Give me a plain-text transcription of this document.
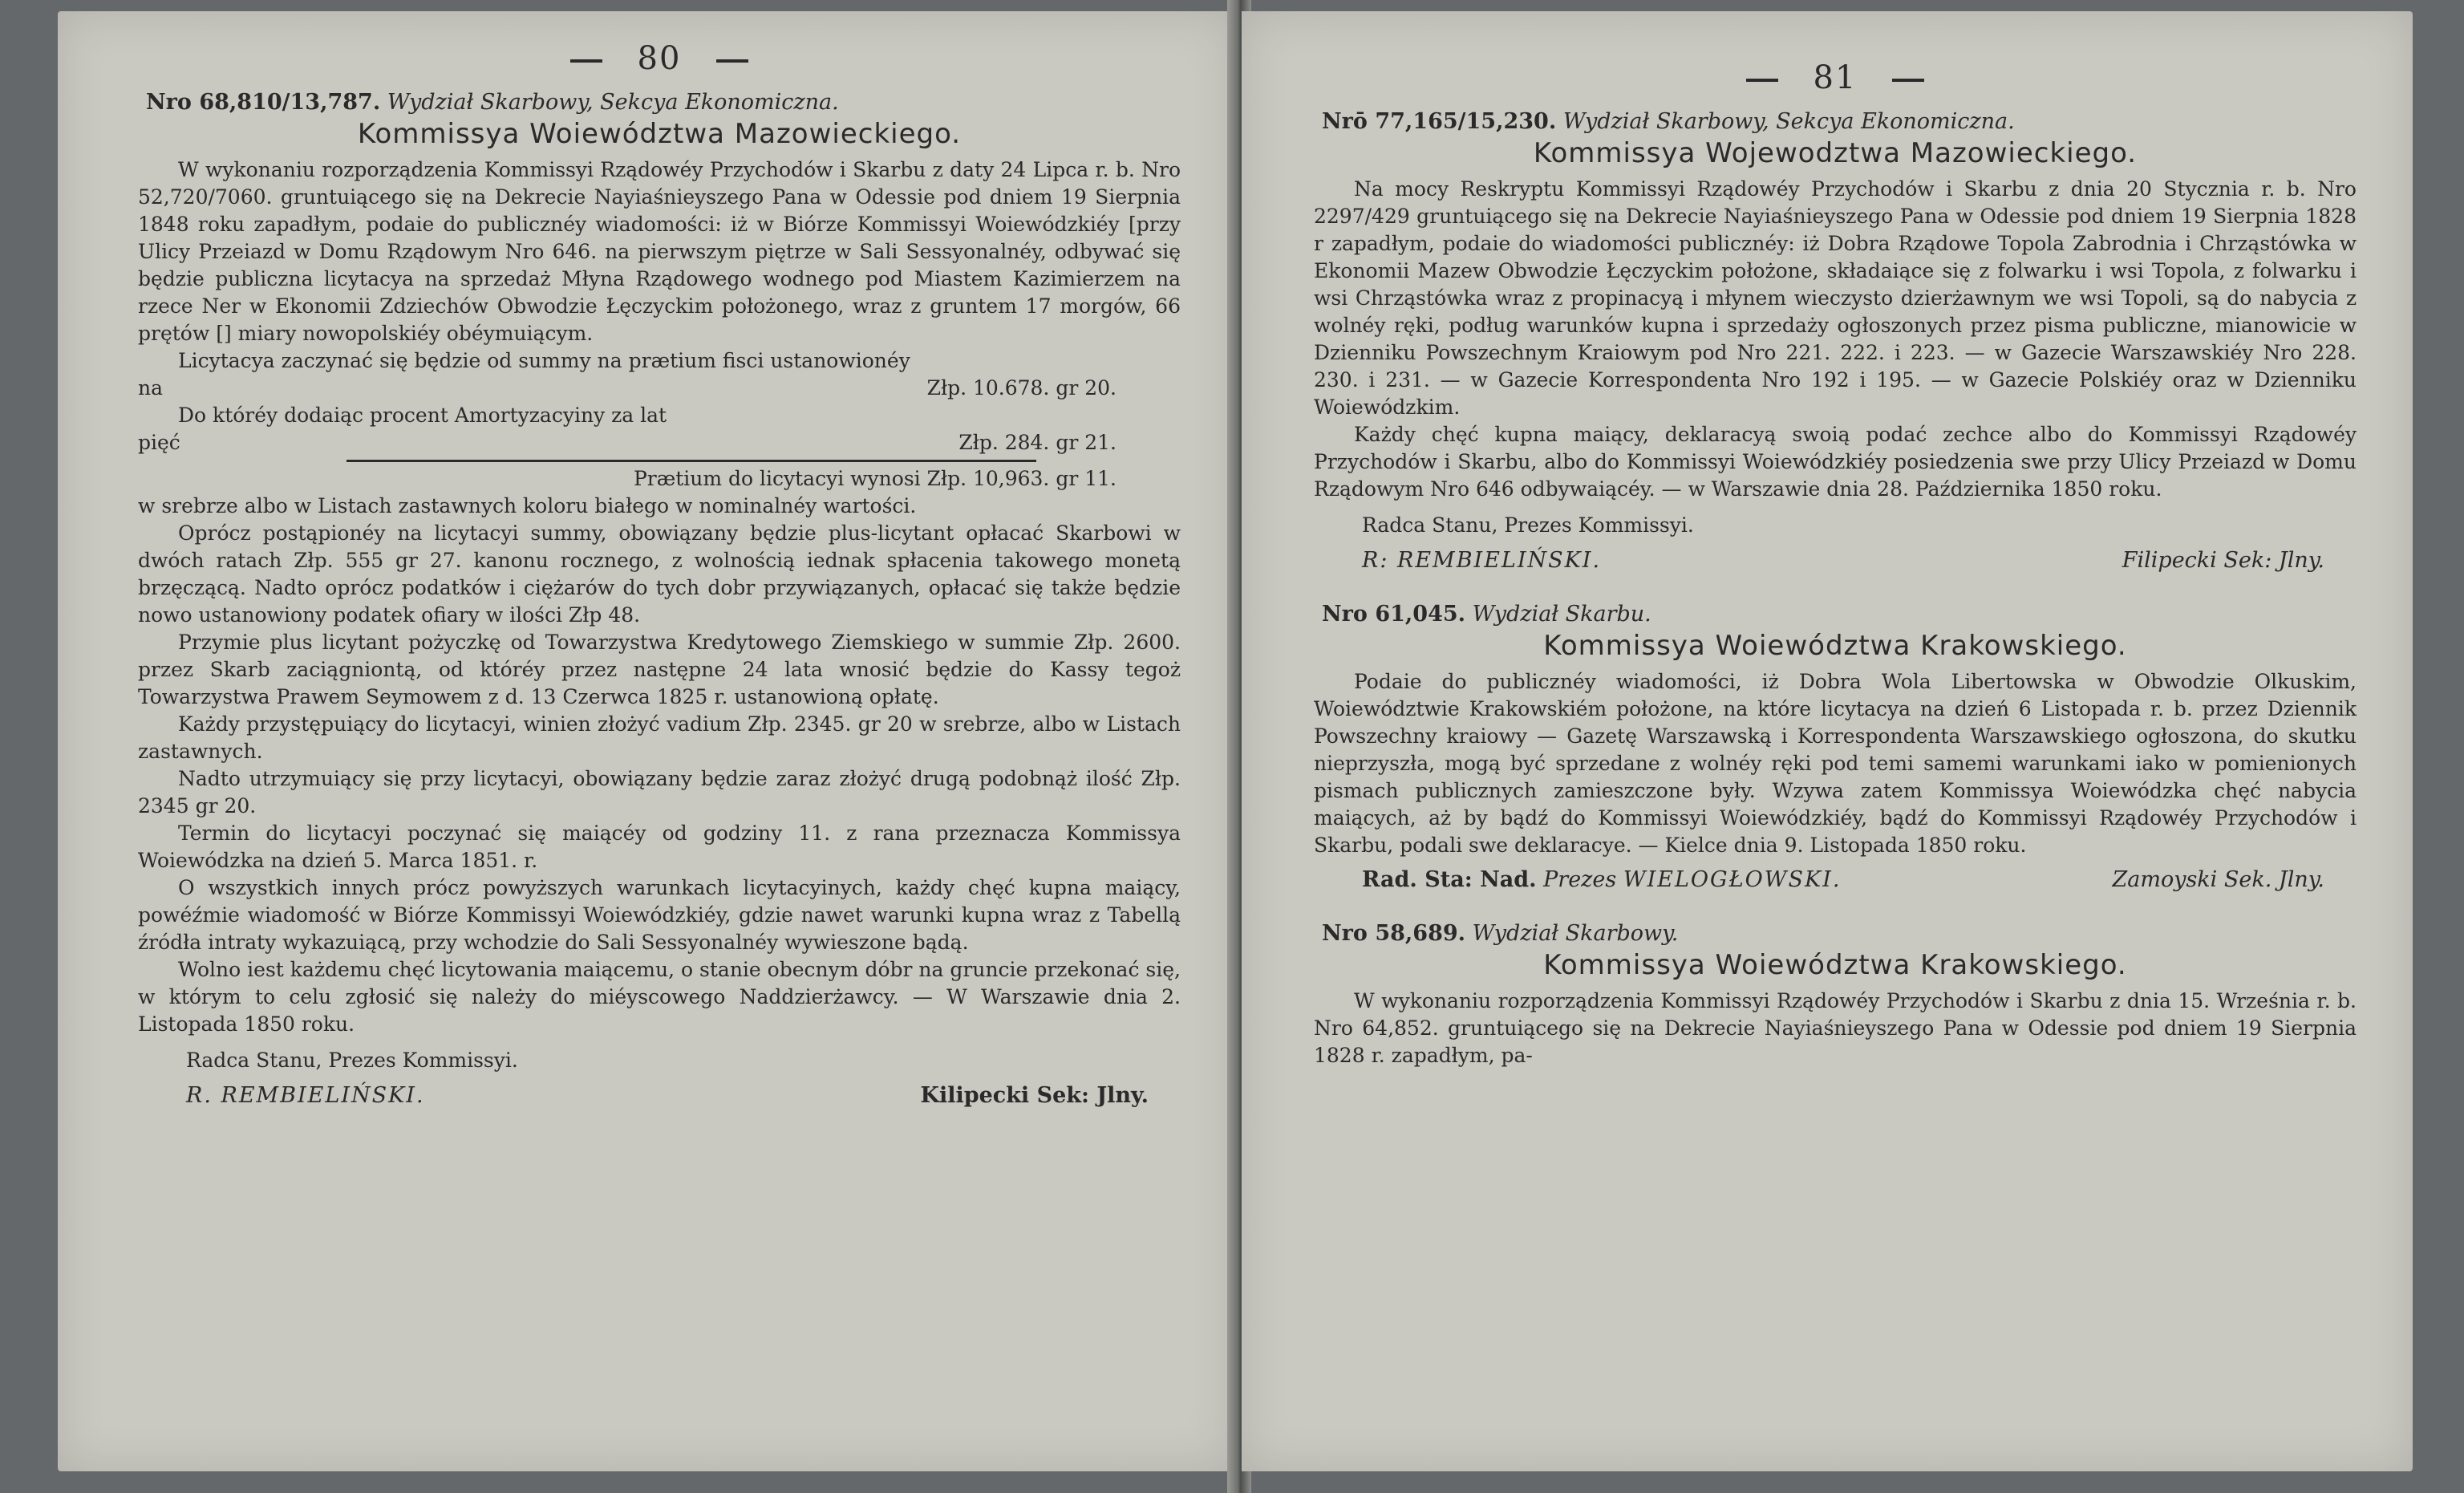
80
Nro 68,810/13,787. Wydział Skarbowy, Sekcya Ekonomiczna.
Kommissya Woiewództwa Mazowieckiego.

W wykonaniu rozporządzenia Kommissyi Rządowéy Przychodów i Skarbu z daty 24 Lipca r. b. Nro 52,720/7060. gruntuiącego się na Dekrecie Nayiaśnieyszego Pana w Odessie pod dniem 19 Sierpnia 1848 roku zapadłym, podaie do publicznéy wiadomości: iż w Biórze Kommissyi Woiewódzkiéy [przy Ulicy Przeiazd w Domu Rządowym Nro 646. na pierwszym piętrze w Sali Sessyonalnéy, odbywać się będzie publiczna licytacya na sprzedaż Młyna Rządowego wodnego pod Miastem Kazimierzem na rzece Ner w Ekonomii Zdziechów Obwodzie Łęczyckim położonego, wraz z gruntem 17 morgów, 66 prętów [] miary nowopolskiéy obéymuiącym.

Licytacya zaczynać się będzie od summy na prætium fisci ustanowionéy

na	Złp. 10.678. gr 20.

Do któréy dodaiąc procent Amortyzacyiny za lat

pięć	Złp. 284. gr 21.
Prætium do licytacyi wynosi Złp. 10,963. gr 11.

w srebrze albo w Listach zastawnych koloru białego w nominalnéy wartości.

Oprócz postąpionéy na licytacyi summy, obowiązany będzie plus-licytant opłacać Skarbowi w dwóch ratach Złp. 555 gr 27. kanonu rocznego, z wolnością iednak spłacenia takowego monetą brzęczącą. Nadto oprócz podatków i ciężarów do tych dobr przywiązanych, opłacać się także będzie nowo ustanowiony podatek ofiary w ilości Złp 48.

Przymie plus licytant pożyczkę od Towarzystwa Kredytowego Ziemskiego w summie Złp. 2600. przez Skarb zaciągniontą, od któréy przez następne 24 lata wnosić będzie do Kassy tegoż Towarzystwa Prawem Seymowem z d. 13 Czerwca 1825 r. ustanowioną opłatę.

Każdy przystępuiący do licytacyi, winien złożyć vadium Złp. 2345. gr 20 w srebrze, albo w Listach zastawnych.

Nadto utrzymuiący się przy licytacyi, obowiązany będzie zaraz złożyć drugą podobnąż ilość Złp. 2345 gr 20.

Termin do licytacyi poczynać się maiącéy od godziny 11. z rana przeznacza Kommissya Woiewódzka na dzień 5. Marca 1851. r.

O wszystkich innych prócz powyższych warunkach licytacyinych, każdy chęć kupna maiący, powéźmie wiadomość w Biórze Kommissyi Woiewódzkiéy, gdzie nawet warunki kupna wraz z Tabellą źródła intraty wykazuiącą, przy wchodzie do Sali Sessyonalnéy wywieszone bądą.

Wolno iest każdemu chęć licytowania maiącemu, o stanie obecnym dóbr na gruncie przekonać się, w którym to celu zgłosić się należy do miéyscowego Naddzierżawcy. — W Warszawie dnia 2. Listopada 1850 roku.

Radca Stanu, Prezes Kommissyi.
R. REMBIELIŃSKI.	Kilipecki Sek: Jlny.
81
Nrō 77,165/15,230. Wydział Skarbowy, Sekcya Ekonomiczna.
Kommissya Wojewodztwa Mazowieckiego.

Na mocy Reskryptu Kommissyi Rządowéy Przychodów i Skarbu z dnia 20 Stycznia r. b. Nro 2297/429 gruntuiącego się na Dekrecie Nayiaśnieyszego Pana w Odessie pod dniem 19 Sierpnia 1828 r zapadłym, podaie do wiadomości publicznéy: iż Dobra Rządowe Topola Zabrodnia i Chrząstówka w Ekonomii Mazew Obwodzie Łęczyckim położone, składaiące się z folwarku i wsi Topola, z folwarku i wsi Chrząstówka wraz z propinacyą i młynem wieczysto dzierżawnym we wsi Topoli, są do nabycia z wolnéy ręki, podług warunków kupna i sprzedaży ogłoszonych przez pisma publiczne, mianowicie w Dzienniku Powszechnym Kraiowym pod Nro 221. 222. i 223. — w Gazecie Warszawskiéy Nro 228. 230. i 231. — w Gazecie Korrespondenta Nro 192 i 195. — w Gazecie Polskiéy oraz w Dzienniku Woiewódzkim.

Każdy chęć kupna maiący, deklaracyą swoią podać zechce albo do Kommissyi Rządowéy Przychodów i Skarbu, albo do Kommissyi Woiewódzkiéy posiedzenia swe przy Ulicy Przeiazd w Domu Rządowym Nro 646 odbywaiącéy. — w Warszawie dnia 28. Października 1850 roku.

Radca Stanu, Prezes Kommissyi.
R: REMBIELIŃSKI.	Filipecki Sek: Jlny.
Nro 61,045. Wydział Skarbu.
Kommissya Woiewództwa Krakowskiego.

Podaie do publicznéy wiadomości, iż Dobra Wola Libertowska w Obwodzie Olkuskim, Woiewództwie Krakowskiém położone, na które licytacya na dzień 6 Listopada r. b. przez Dziennik Powszechny kraiowy — Gazetę Warszawską i Korrespondenta Warszawskiego ogłoszona, do skutku nieprzyszła, mogą być sprzedane z wolnéy ręki pod temi samemi warunkami iako w pomienionych pismach publicznych zamieszczone były. Wzywa zatem Kommissya Woiewódzka chęć nabycia maiących, aż by bądź do Kommissyi Woiewódzkiéy, bądź do Kommissyi Rządowéy Przychodów i Skarbu, podali swe deklaracye. — Kielce dnia 9. Listopada 1850 roku.

Rad. Sta: Nad. Prezes WIELOGŁOWSKI.	Zamoyski Sek. Jlny.
Nro 58,689. Wydział Skarbowy.
Kommissya Woiewództwa Krakowskiego.

W wykonaniu rozporządzenia Kommissyi Rządowéy Przychodów i Skarbu z dnia 15. Września r. b. Nro 64,852. gruntuiącego się na Dekrecie Nayiaśnieyszego Pana w Odessie pod dniem 19 Sierpnia 1828 r. zapadłym, pa-
